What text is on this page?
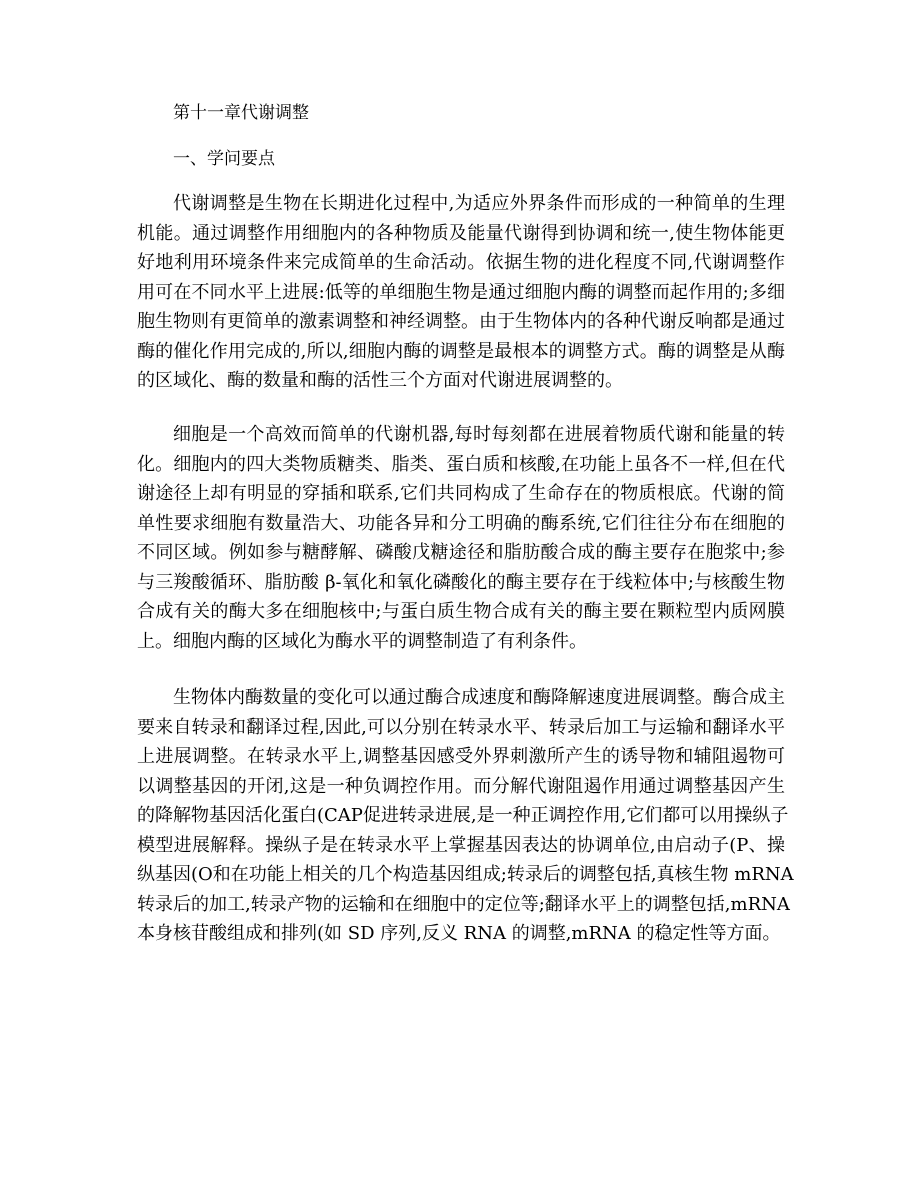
第十一章代谢调整
一、学问要点
代谢调整是生物在长期进化过程中,为适应外界条件而形成的一种简单的生理
机能。通过调整作用细胞内的各种物质及能量代谢得到协调和统一,使生物体能更
好地利用环境条件来完成简单的生命活动。依据生物的进化程度不同,代谢调整作
用可在不同水平上进展:低等的单细胞生物是通过细胞内酶的调整而起作用的;多细
胞生物则有更简单的激素调整和神经调整。由于生物体内的各种代谢反响都是通过
酶的催化作用完成的,所以,细胞内酶的调整是最根本的调整方式。酶的调整是从酶
的区域化、酶的数量和酶的活性三个方面对代谢进展调整的。
细胞是一个高效而简单的代谢机器,每时每刻都在进展着物质代谢和能量的转
化。细胞内的四大类物质糖类、脂类、蛋白质和核酸,在功能上虽各不一样,但在代
谢途径上却有明显的穿插和联系,它们共同构成了生命存在的物质根底。代谢的简
单性要求细胞有数量浩大、功能各异和分工明确的酶系统,它们往往分布在细胞的
不同区域。例如参与糖酵解、磷酸戊糖途径和脂肪酸合成的酶主要存在胞浆中;参
与三羧酸循环、脂肪酸 β-氧化和氧化磷酸化的酶主要存在于线粒体中;与核酸生物
合成有关的酶大多在细胞核中;与蛋白质生物合成有关的酶主要在颗粒型内质网膜
上。细胞内酶的区域化为酶水平的调整制造了有利条件。
生物体内酶数量的变化可以通过酶合成速度和酶降解速度进展调整。酶合成主
要来自转录和翻译过程,因此,可以分别在转录水平、转录后加工与运输和翻译水平
上进展调整。在转录水平上,调整基因感受外界刺激所产生的诱导物和辅阻遏物可
以调整基因的开闭,这是一种负调控作用。而分解代谢阻遏作用通过调整基因产生
的降解物基因活化蛋白(CAP促进转录进展,是一种正调控作用,它们都可以用操纵子
模型进展解释。操纵子是在转录水平上掌握基因表达的协调单位,由启动子(P、操
纵基因(O和在功能上相关的几个构造基因组成;转录后的调整包括,真核生物 mRNA
转录后的加工,转录产物的运输和在细胞中的定位等;翻译水平上的调整包括,mRNA
本身核苷酸组成和排列(如 SD 序列,反义 RNA 的调整,mRNA 的稳定性等方面。
